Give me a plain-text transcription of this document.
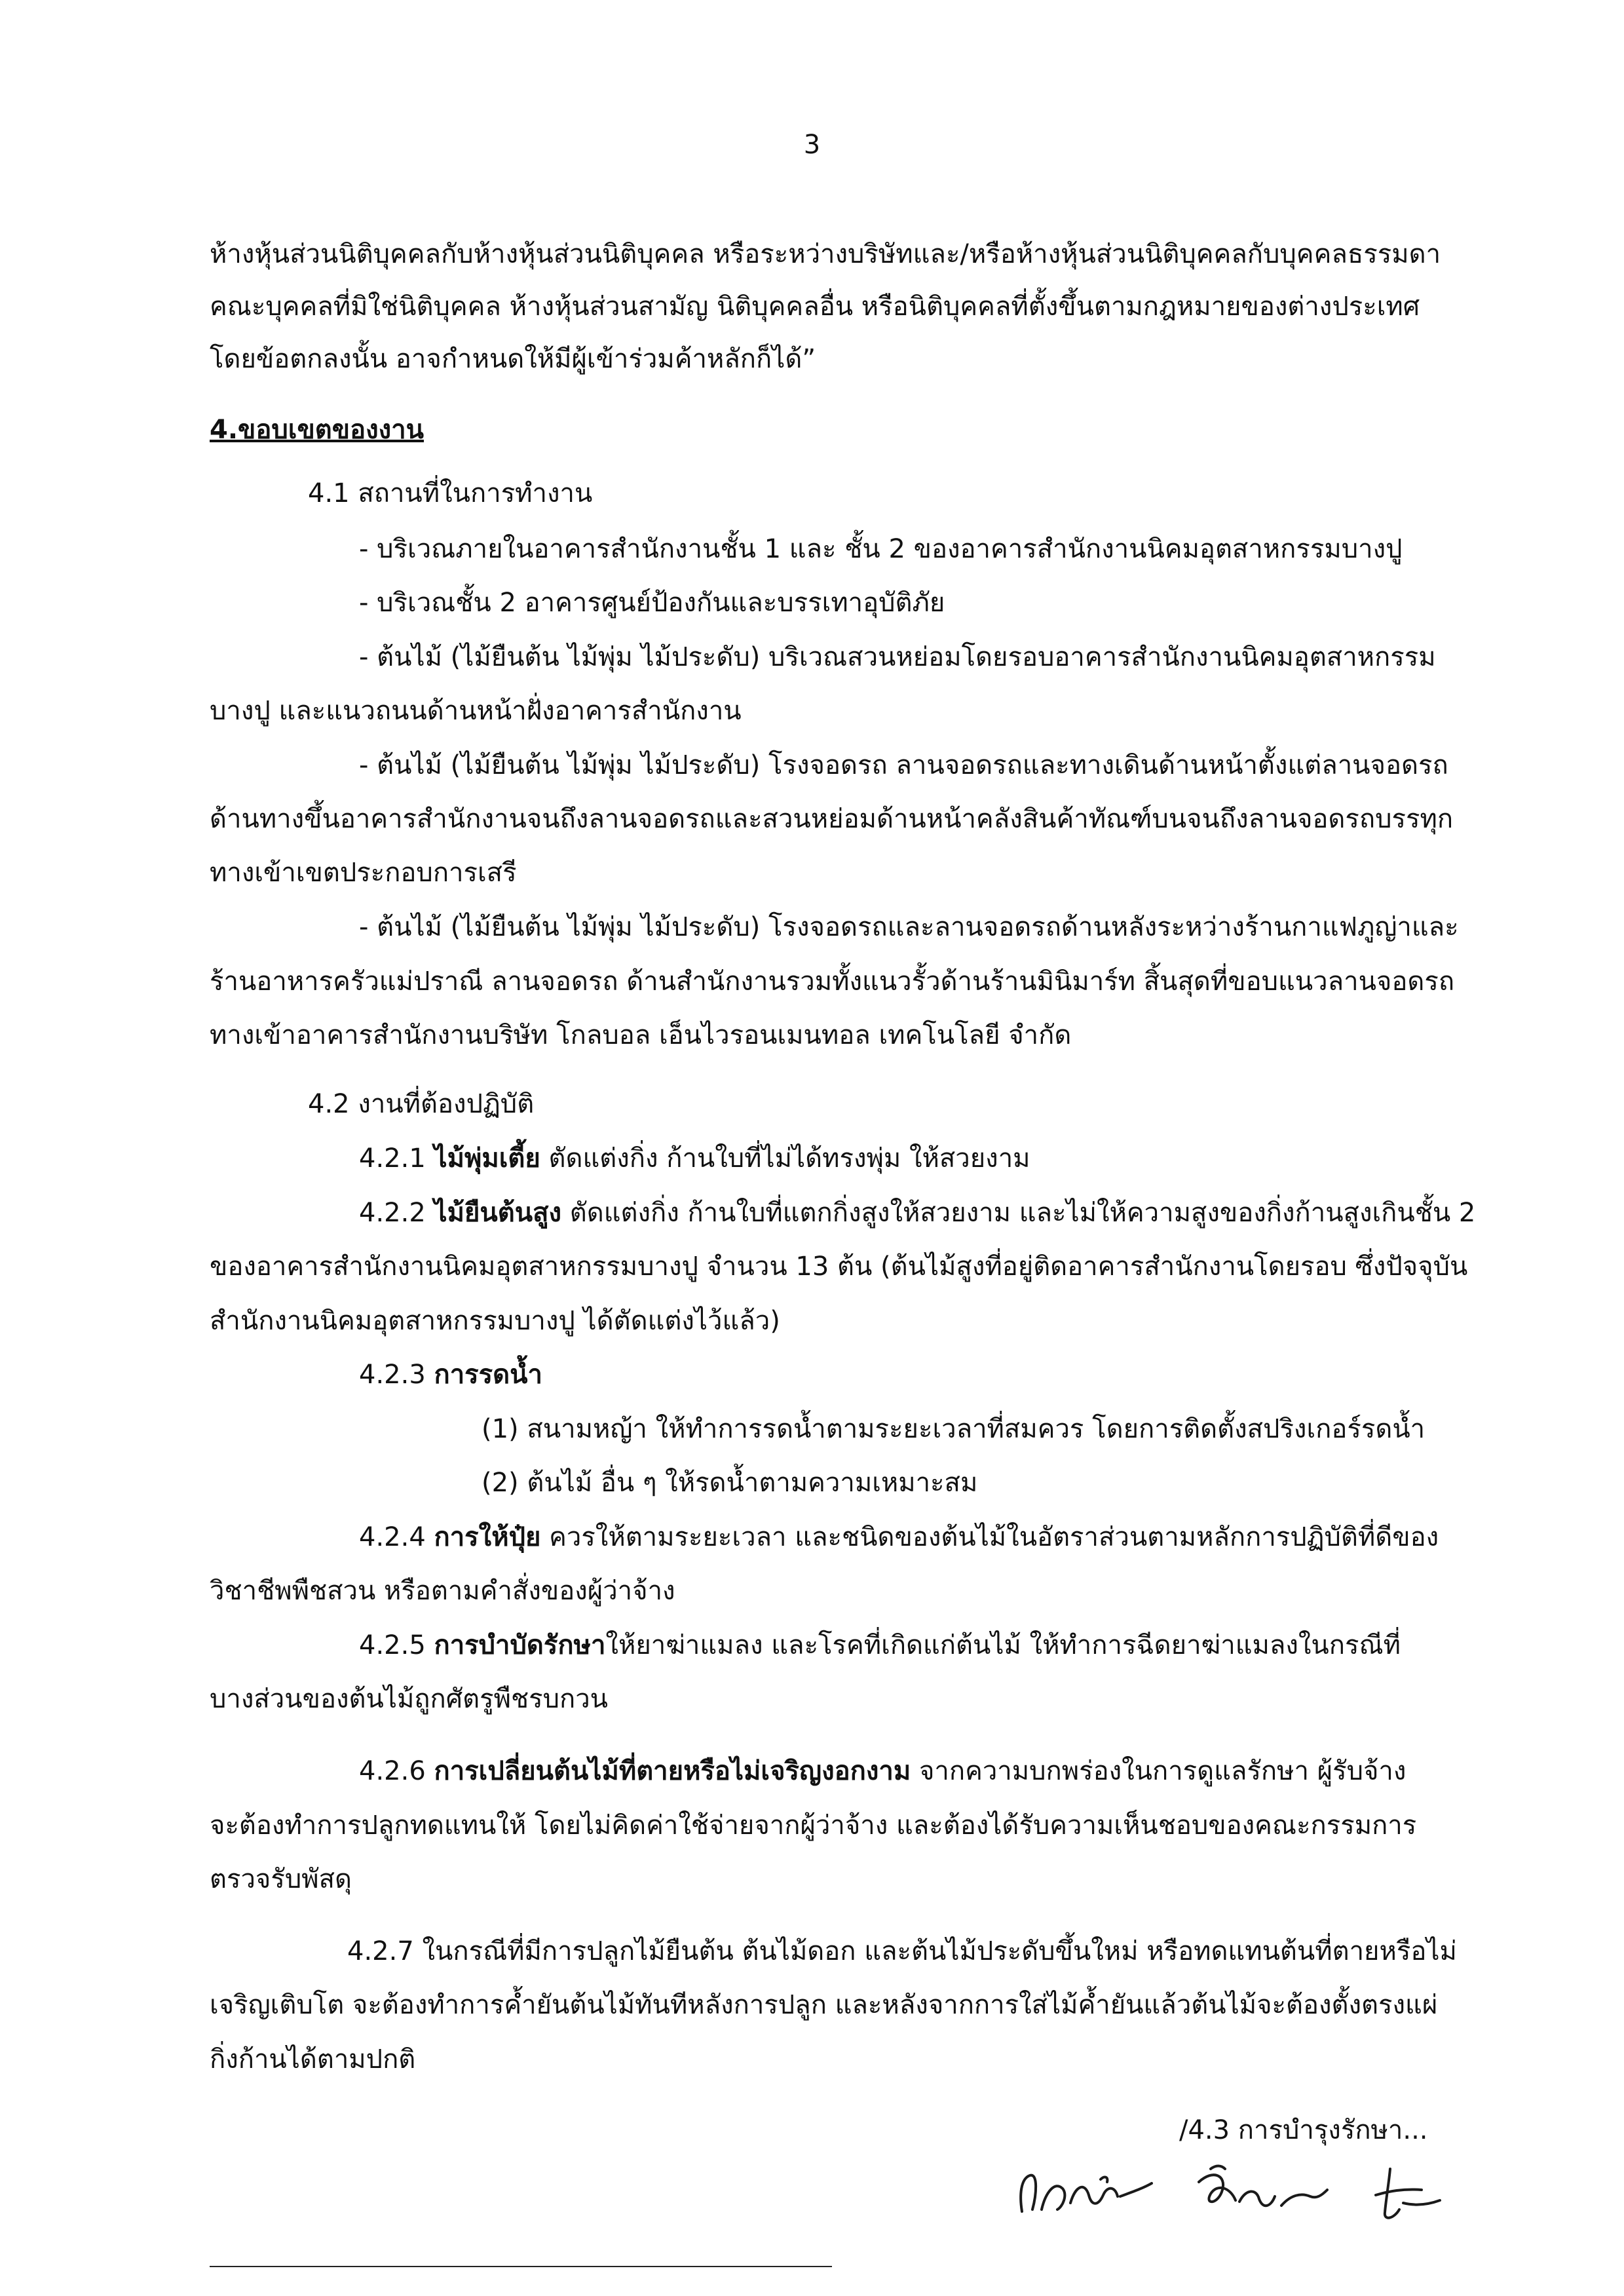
3
ห้างหุ้นส่วนนิติบุคคลกับห้างหุ้นส่วนนิติบุคคล หรือระหว่างบริษัทและ/หรือห้างหุ้นส่วนนิติบุคคลกับบุคคลธรรมดา
คณะบุคคลที่มิใช่นิติบุคคล ห้างหุ้นส่วนสามัญ นิติบุคคลอื่น หรือนิติบุคคลที่ตั้งขึ้นตามกฎหมายของต่างประเทศ
โดยข้อตกลงนั้น อาจกำหนดให้มีผู้เข้าร่วมค้าหลักก็ได้”
4.ขอบเขตของงาน
4.1 สถานที่ในการทำงาน
- บริเวณภายในอาคารสำนักงานชั้น 1 และ ชั้น 2 ของอาคารสำนักงานนิคมอุตสาหกรรมบางปู
- บริเวณชั้น 2 อาคารศูนย์ป้องกันและบรรเทาอุบัติภัย
- ต้นไม้ (ไม้ยืนต้น ไม้พุ่ม ไม้ประดับ) บริเวณสวนหย่อมโดยรอบอาคารสำนักงานนิคมอุตสาหกรรม
บางปู และแนวถนนด้านหน้าฝั่งอาคารสำนักงาน
- ต้นไม้ (ไม้ยืนต้น ไม้พุ่ม ไม้ประดับ) โรงจอดรถ ลานจอดรถและทางเดินด้านหน้าตั้งแต่ลานจอดรถ
ด้านทางขึ้นอาคารสำนักงานจนถึงลานจอดรถและสวนหย่อมด้านหน้าคลังสินค้าทัณฑ์บนจนถึงลานจอดรถบรรทุก
ทางเข้าเขตประกอบการเสรี
- ต้นไม้ (ไม้ยืนต้น ไม้พุ่ม ไม้ประดับ) โรงจอดรถและลานจอดรถด้านหลังระหว่างร้านกาแฟภูญ่าและ
ร้านอาหารครัวแม่ปราณี ลานจอดรถ ด้านสำนักงานรวมทั้งแนวรั้วด้านร้านมินิมาร์ท สิ้นสุดที่ขอบแนวลานจอดรถ
ทางเข้าอาคารสำนักงานบริษัท โกลบอล เอ็นไวรอนเมนทอล เทคโนโลยี จำกัด
4.2 งานที่ต้องปฏิบัติ
4.2.1 ไม้พุ่มเตี้ย ตัดแต่งกิ่ง ก้านใบที่ไม่ได้ทรงพุ่ม ให้สวยงาม
4.2.2 ไม้ยืนต้นสูง ตัดแต่งกิ่ง ก้านใบที่แตกกิ่งสูงให้สวยงาม และไม่ให้ความสูงของกิ่งก้านสูงเกินชั้น 2
ของอาคารสำนักงานนิคมอุตสาหกรรมบางปู จำนวน 13 ต้น (ต้นไม้สูงที่อยู่ติดอาคารสำนักงานโดยรอบ ซึ่งปัจจุบัน
สำนักงานนิคมอุตสาหกรรมบางปู ได้ตัดแต่งไว้แล้ว)
4.2.3 การรดน้ำ
(1) สนามหญ้า ให้ทำการรดน้ำตามระยะเวลาที่สมควร โดยการติดตั้งสปริงเกอร์รดน้ำ
(2) ต้นไม้ อื่น ๆ ให้รดน้ำตามความเหมาะสม
4.2.4 การให้ปุ๋ย ควรให้ตามระยะเวลา และชนิดของต้นไม้ในอัตราส่วนตามหลักการปฏิบัติที่ดีของ
วิชาชีพพืชสวน หรือตามคำสั่งของผู้ว่าจ้าง
4.2.5 การบำบัดรักษาให้ยาฆ่าแมลง และโรคที่เกิดแก่ต้นไม้ ให้ทำการฉีดยาฆ่าแมลงในกรณีที่
บางส่วนของต้นไม้ถูกศัตรูพืชรบกวน
4.2.6 การเปลี่ยนต้นไม้ที่ตายหรือไม่เจริญงอกงาม จากความบกพร่องในการดูแลรักษา ผู้รับจ้าง
จะต้องทำการปลูกทดแทนให้ โดยไม่คิดค่าใช้จ่ายจากผู้ว่าจ้าง และต้องได้รับความเห็นชอบของคณะกรรมการ
ตรวจรับพัสดุ
4.2.7 ในกรณีที่มีการปลูกไม้ยืนต้น ต้นไม้ดอก และต้นไม้ประดับขึ้นใหม่ หรือทดแทนต้นที่ตายหรือไม่
เจริญเติบโต จะต้องทำการค้ำยันต้นไม้ทันทีหลังการปลูก และหลังจากการใส่ไม้ค้ำยันแล้วต้นไม้จะต้องตั้งตรงแผ่
กิ่งก้านได้ตามปกติ
/4.3 การบำรุงรักษา...
